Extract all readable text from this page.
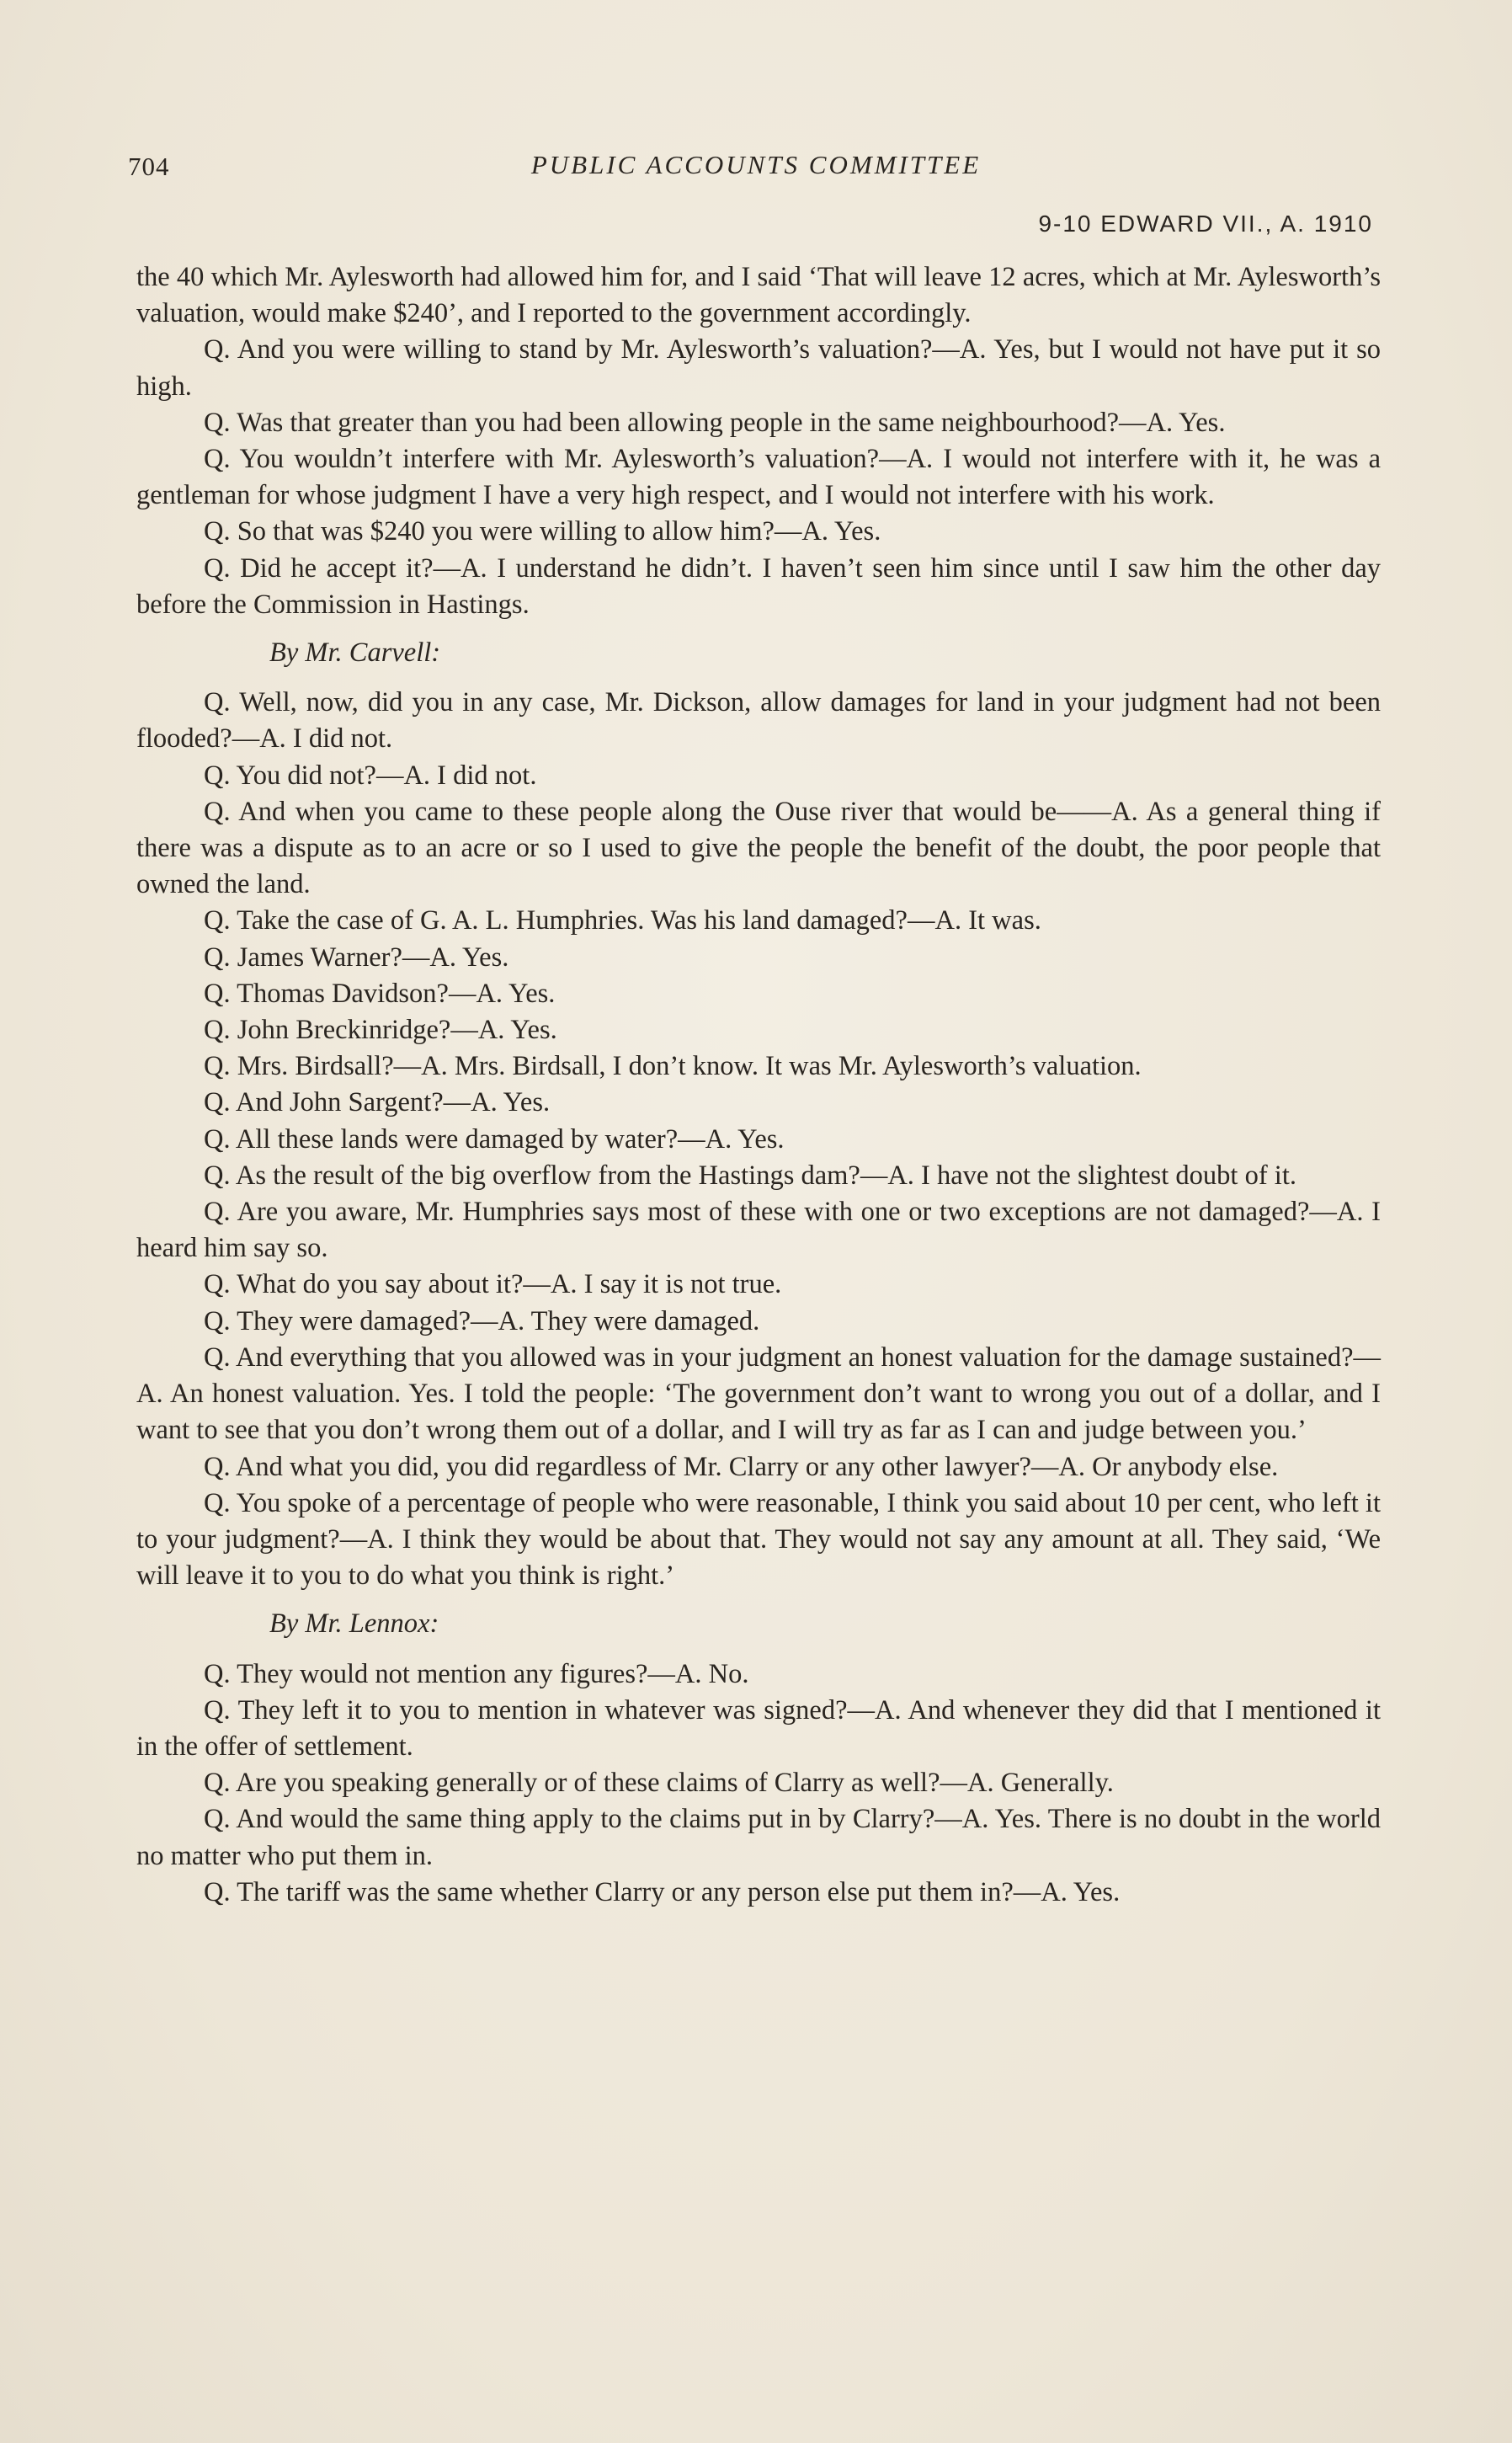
704	PUBLIC ACCOUNTS COMMITTEE
9-10 EDWARD VII., A. 1910

the 40 which Mr. Aylesworth had allowed him for, and I said ‘That will leave 12 acres, which at Mr. Aylesworth’s valuation, would make $240’, and I reported to the government accordingly.

Q. And you were willing to stand by Mr. Aylesworth’s valuation?—A. Yes, but I would not have put it so high.

Q. Was that greater than you had been allowing people in the same neighbourhood?—A. Yes.

Q. You wouldn’t interfere with Mr. Aylesworth’s valuation?—A. I would not interfere with it, he was a gentleman for whose judgment I have a very high respect, and I would not interfere with his work.

Q. So that was $240 you were willing to allow him?—A. Yes.

Q. Did he accept it?—A. I understand he didn’t. I haven’t seen him since until I saw him the other day before the Commission in Hastings.

By Mr. Carvell:

Q. Well, now, did you in any case, Mr. Dickson, allow damages for land in your judgment had not been flooded?—A. I did not.

Q. You did not?—A. I did not.

Q. And when you came to these people along the Ouse river that would be——A. As a general thing if there was a dispute as to an acre or so I used to give the people the benefit of the doubt, the poor people that owned the land.

Q. Take the case of G. A. L. Humphries. Was his land damaged?—A. It was.

Q. James Warner?—A. Yes.

Q. Thomas Davidson?—A. Yes.

Q. John Breckinridge?—A. Yes.

Q. Mrs. Birdsall?—A. Mrs. Birdsall, I don’t know. It was Mr. Aylesworth’s valuation.

Q. And John Sargent?—A. Yes.

Q. All these lands were damaged by water?—A. Yes.

Q. As the result of the big overflow from the Hastings dam?—A. I have not the slightest doubt of it.

Q. Are you aware, Mr. Humphries says most of these with one or two exceptions are not damaged?—A. I heard him say so.

Q. What do you say about it?—A. I say it is not true.

Q. They were damaged?—A. They were damaged.

Q. And everything that you allowed was in your judgment an honest valuation for the damage sustained?—A. An honest valuation. Yes. I told the people: ‘The government don’t want to wrong you out of a dollar, and I want to see that you don’t wrong them out of a dollar, and I will try as far as I can and judge between you.’

Q. And what you did, you did regardless of Mr. Clarry or any other lawyer?—A. Or anybody else.

Q. You spoke of a percentage of people who were reasonable, I think you said about 10 per cent, who left it to your judgment?—A. I think they would be about that. They would not say any amount at all. They said, ‘We will leave it to you to do what you think is right.’

By Mr. Lennox:

Q. They would not mention any figures?—A. No.

Q. They left it to you to mention in whatever was signed?—A. And whenever they did that I mentioned it in the offer of settlement.

Q. Are you speaking generally or of these claims of Clarry as well?—A. Generally.

Q. And would the same thing apply to the claims put in by Clarry?—A. Yes. There is no doubt in the world no matter who put them in.

Q. The tariff was the same whether Clarry or any person else put them in?—A. Yes.
